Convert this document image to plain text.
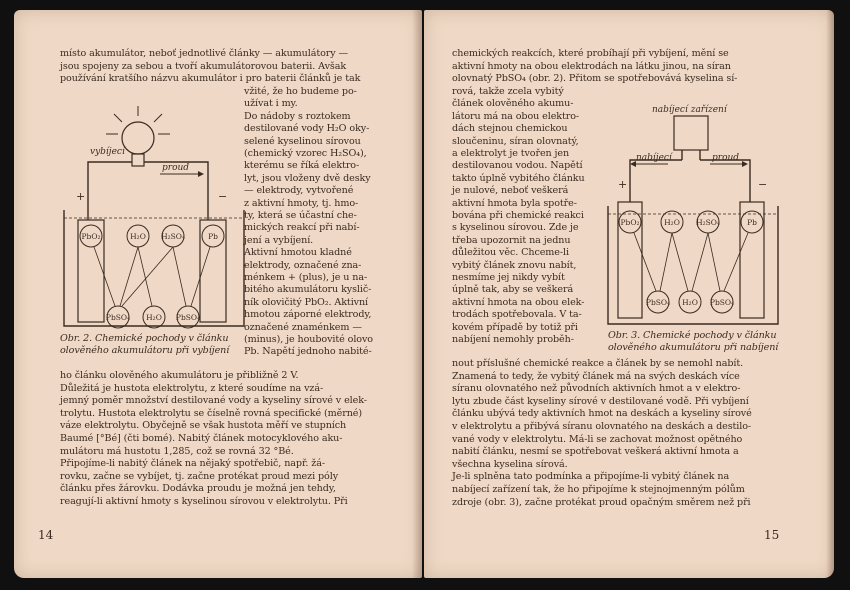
místo akumulátor, neboť jednotlivé články — akumulátory —
jsou spojeny za sebou a tvoří akumulátorovou baterii. Avšak
používání kratšího názvu akumulátor i pro baterii článků je tak
vžité, že ho budeme po-
užívat i my.
Do nádoby s roztokem
destilované vody H₂O oky-
selené kyselinou sírovou
(chemický vzorec H₂SO₄),
kterému se říká elektro-
lyt, jsou vloženy dvě desky
— elektrody, vytvořené
z aktivní hmoty, tj. hmo-
ty, která se účastní che-
mických reakcí při nabí-
jení a vybíjení.
Aktivní hmotou kladné
elektrody, označené zna-
ménkem + (plus), je u na-
bitého akumulátoru kyslič-
ník olovičitý PbO₂. Aktivní
hmotou záporné elektrody,
označené znaménkem —
(minus), je houbovité olovo
Pb. Napětí jednoho nabité-
ho článku olověného akumulátoru je přibližně 2 V.
Důležitá je hustota elektrolytu, z které soudíme na vzá-
jemný poměr množství destilované vody a kyseliny sírové v elek-
trolytu. Hustota elektrolytu se číselně rovná specifické (měrné)
váze elektrolytu. Obyčejně se však hustota měří ve stupních
Baumé [°Bé] (čti bomé). Nabitý článek motocyklového aku-
mulátoru má hustotu 1,285, což se rovná 32 °Bé.
Připojíme-li nabitý článek na nějaký spotřebič, např. žá-
rovku, začne se vybíjet, tj. začne protékat proud mezi póly
článku přes žárovku. Dodávka proudu je možná jen tehdy,
reagují-li aktivní hmoty s kyselinou sírovou v elektrolytu. Při
proud
vybíjecí
+	−
PbO₂	H₂O H₂SO₄	Pb
PbSO₄ H₂O PbSO₄
Obr. 2. Chemické pochody v článku
olověného akumulátoru při vybíjení
14
chemických reakcích, které probíhají při vybíjení, mění se
aktivní hmoty na obou elektrodách na látku jinou, na síran
olovnatý PbSO₄ (obr. 2). Přitom se spotřebovává kyselina sí-
rová, takže zcela vybitý
článek olověného akumu-
látoru má na obou elektro-
dách stejnou chemickou
sloučeninu, síran olovnatý,
a elektrolyt je tvořen jen
destilovanou vodou. Napětí
takto úplně vybitého článku
je nulové, neboť veškerá
aktivní hmota byla spotře-
bována při chemické reakci
s kyselinou sírovou. Zde je
třeba upozornit na jednu
důležitou věc. Chceme-li
vybitý článek znovu nabít,
nesmíme jej nikdy vybít
úplně tak, aby se veškerá
aktivní hmota na obou elek-
trodách spotřebovala. V ta-
kovém případě by totiž při
nabíjení nemohly proběh-
nout příslušné chemické reakce a článek by se nemohl nabít.
Znamená to tedy, že vybitý článek má na svých deskách více
síranu olovnatého než původních aktivních hmot a v elektro-
lytu zbude část kyseliny sírové v destilované vodě. Při vybíjení
článku ubývá tedy aktivních hmot na deskách a kyseliny sírové
v elektrolytu a přibývá síranu olovnatého na deskách a destilo-
vané vody v elektrolytu. Má-li se zachovat možnost opětného
nabití článku, nesmí se spotřebovat veškerá aktivní hmota a
všechna kyselina sírová.
Je-li splněna tato podmínka a připojíme-li vybitý článek na
nabíjecí zařízení tak, že ho připojíme k stejnojmenným pólům
zdroje (obr. 3), začne protékat proud opačným směrem než při
nabíjecí zařízení
nabíjecí	proud
+	−
PbO₂	H₂O H₂SO₄	Pb
PbSO₄ H₂O PbSO₄
Obr. 3. Chemické pochody v článku
olověného akumulátoru při nabíjení
15
